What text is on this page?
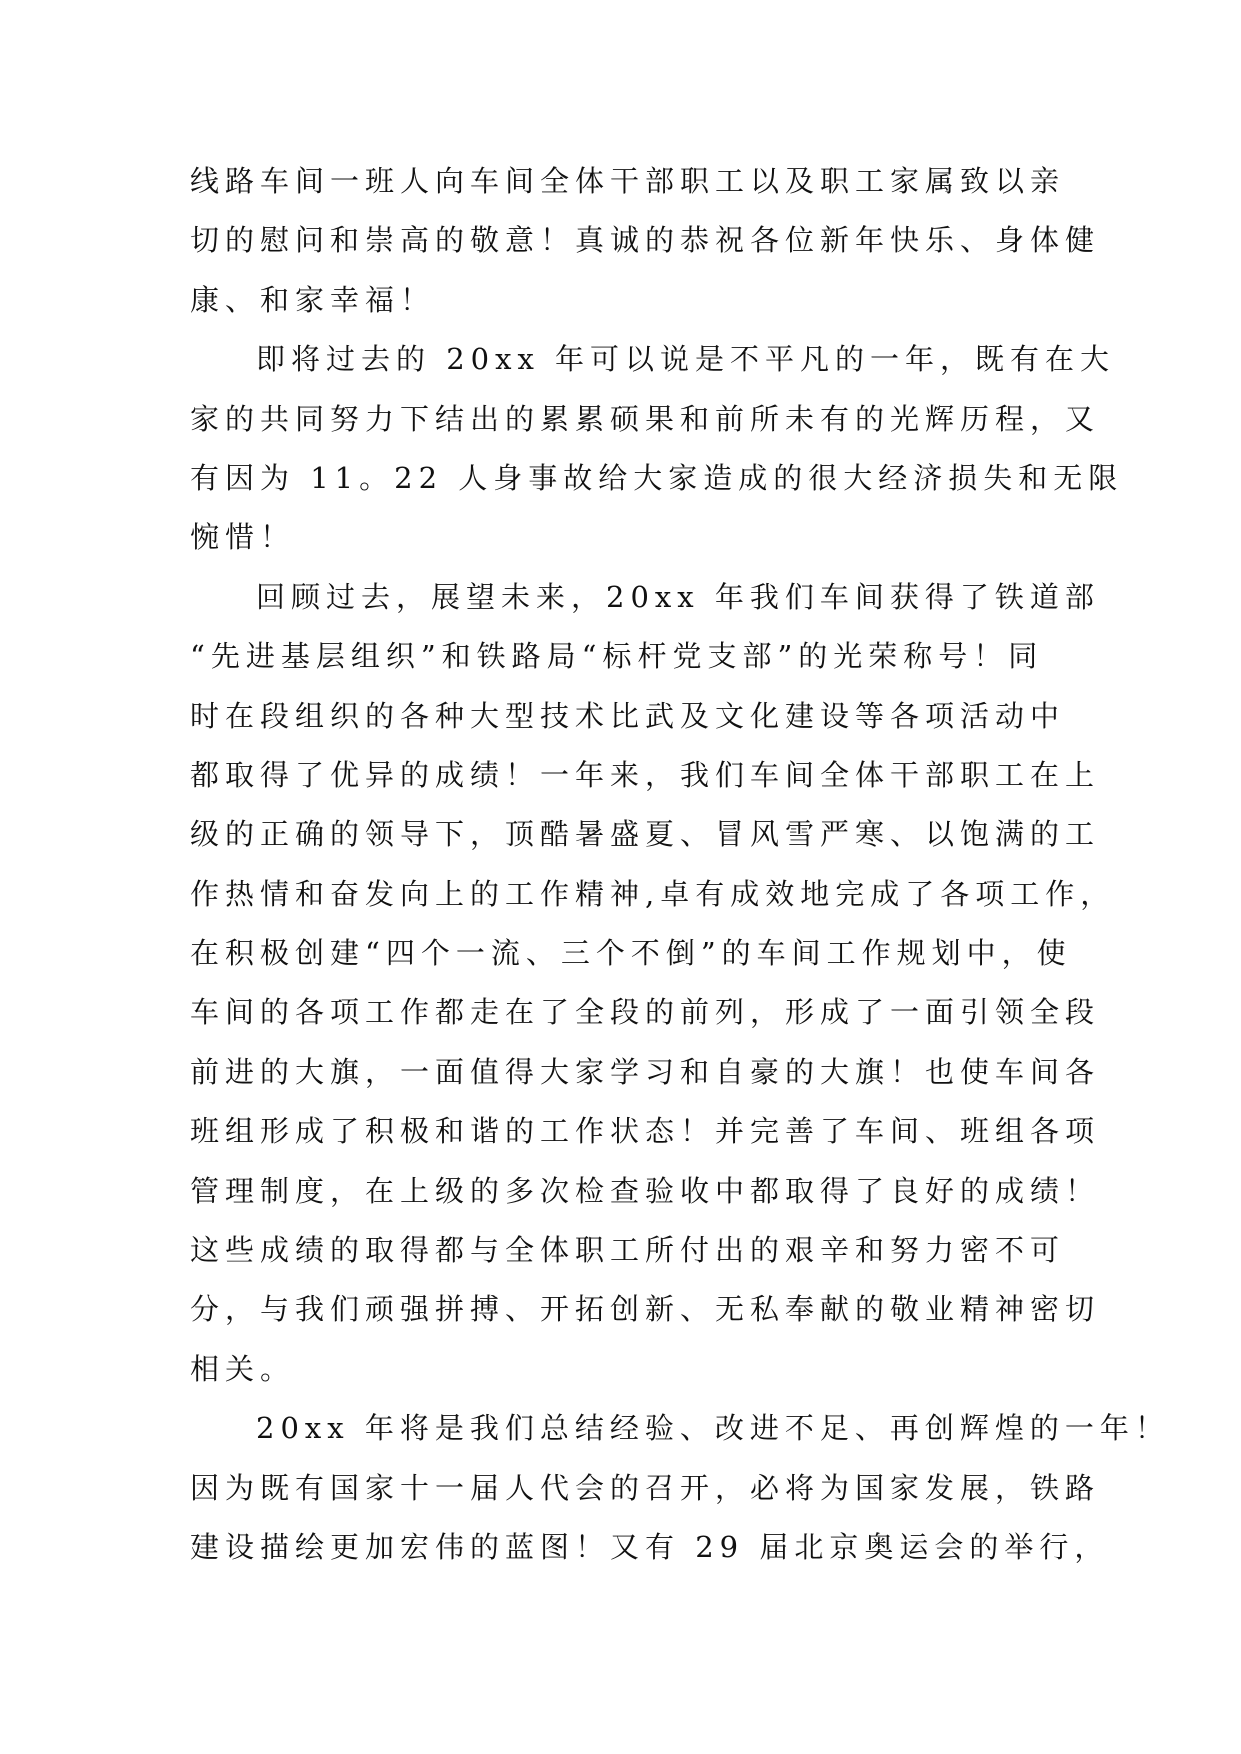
线路车间一班人向车间全体干部职工以及职工家属致以亲
切的慰问和崇高的敬意！真诚的恭祝各位新年快乐、身体健
康、和家幸福！
即将过去的 20xx 年可以说是不平凡的一年，既有在大
家的共同努力下结出的累累硕果和前所未有的光辉历程，又
有因为 11。22 人身事故给大家造成的很大经济损失和无限
惋惜！
回顾过去，展望未来，20xx 年我们车间获得了铁道部
“先进基层组织”和铁路局“标杆党支部”的光荣称号！同
时在段组织的各种大型技术比武及文化建设等各项活动中
都取得了优异的成绩！一年来，我们车间全体干部职工在上
级的正确的领导下，顶酷暑盛夏、冒风雪严寒、以饱满的工
作热情和奋发向上的工作精神,卓有成效地完成了各项工作，
在积极创建“四个一流、三个不倒”的车间工作规划中，使
车间的各项工作都走在了全段的前列，形成了一面引领全段
前进的大旗，一面值得大家学习和自豪的大旗！也使车间各
班组形成了积极和谐的工作状态！并完善了车间、班组各项
管理制度，在上级的多次检查验收中都取得了良好的成绩！
这些成绩的取得都与全体职工所付出的艰辛和努力密不可
分，与我们顽强拼搏、开拓创新、无私奉献的敬业精神密切
相关。
20xx 年将是我们总结经验、改进不足、再创辉煌的一年！
因为既有国家十一届人代会的召开，必将为国家发展，铁路
建设描绘更加宏伟的蓝图！又有 29 届北京奥运会的举行，
